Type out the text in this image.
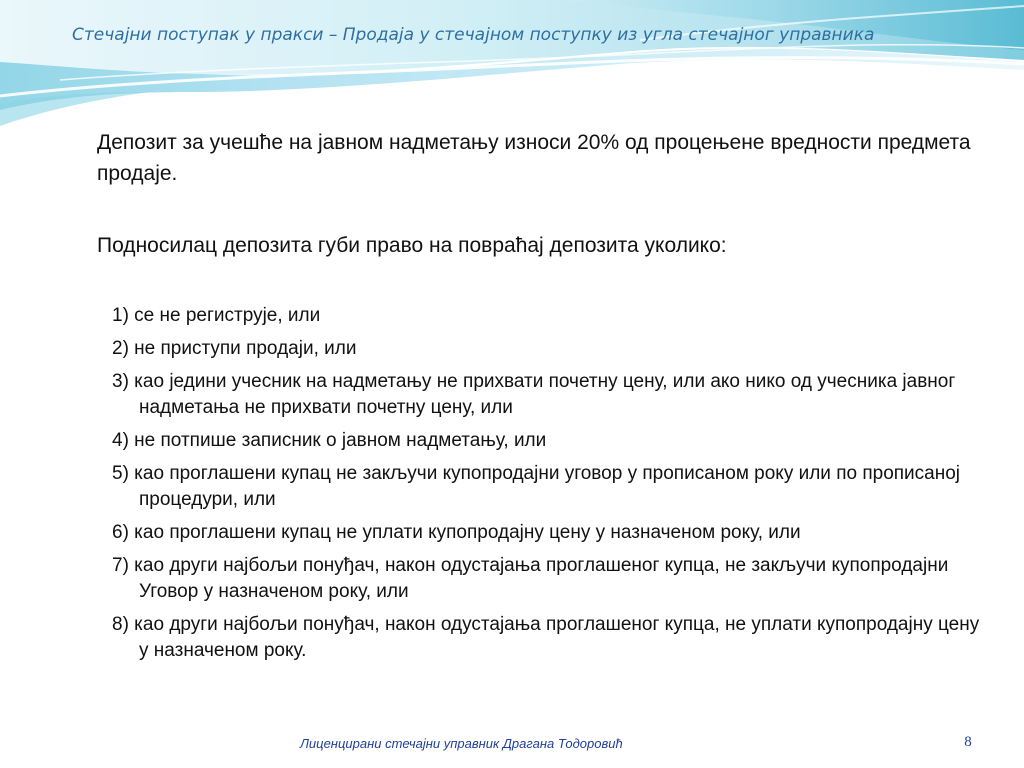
Стечајни поступак у пракси – Продаја у стечајном поступку из угла стечајног управника

Депозит за учешће на јавном надметању износи 20% од процењене вредности предмета продаје.

Подносилац депозита губи право на повраћај депозита уколико:

1) се не региструје, или
2) не приступи продаји, или
3) као једини учесник на надметању не прихвати почетну цену, или ако нико од учесника јавног  надметања не прихвати почетну цену, или
4) не потпише записник о јавном надметању, или
5) као проглашени купац не закључи купопродајни уговор у прописаном року или по прописаној  процедури, или
6) као проглашени купац не уплати купопродајну цену у назначеном року, или
7) као други најбољи понуђач, након одустајања проглашеног купца, не закључи купопродајни   Уговор у назначеном року, или
8) као други најбољи понуђач, након одустајања проглашеног купца, не уплати купопродајну цену у назначеном року.

Лиценцирани стечајни управник Драгана Тодоровић	8
